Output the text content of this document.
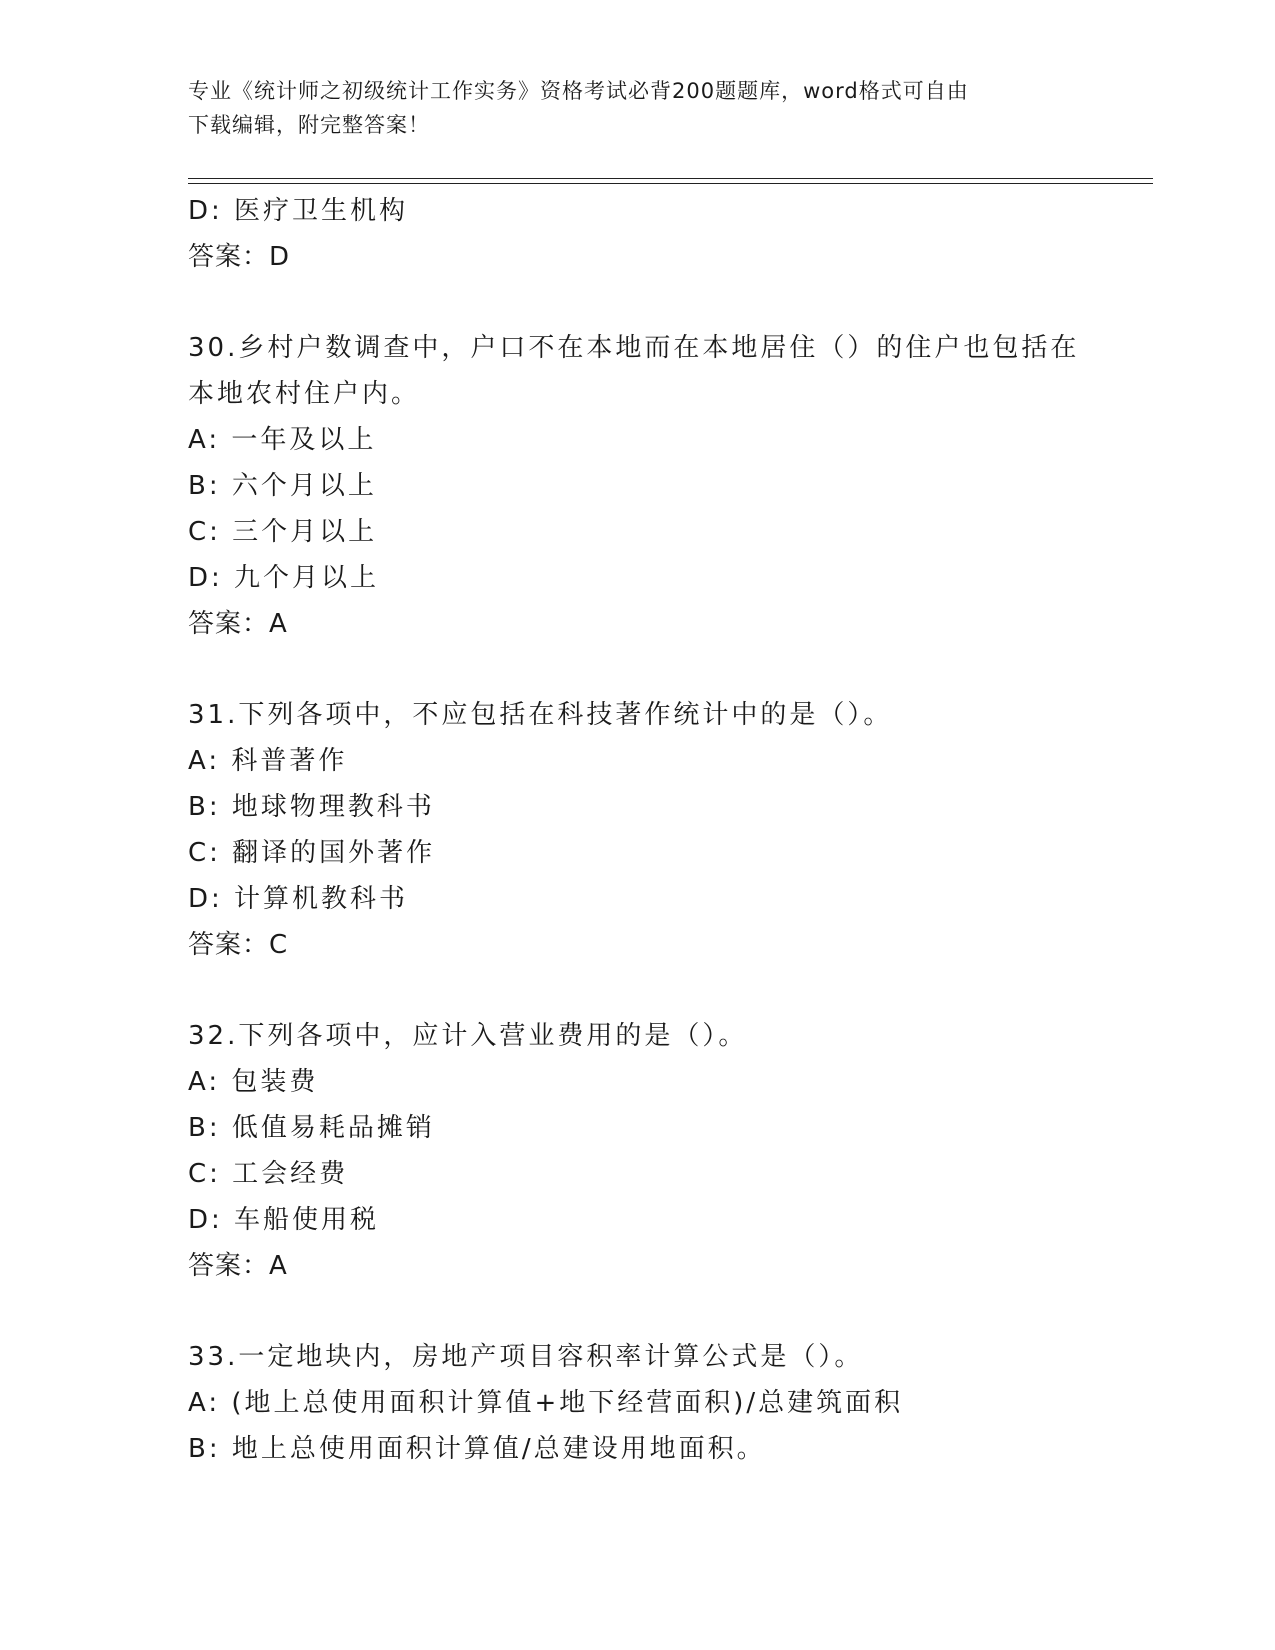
专业《统计师之初级统计工作实务》资格考试必背200题题库，word格式可自由
下载编辑，附完整答案！
D: 医疗卫生机构
答案：D
30.乡村户数调查中，户口不在本地而在本地居住（）的住户也包括在
本地农村住户内。
A: 一年及以上
B: 六个月以上
C: 三个月以上
D: 九个月以上
答案：A
31.下列各项中，不应包括在科技著作统计中的是（）。
A: 科普著作
B: 地球物理教科书
C: 翻译的国外著作
D: 计算机教科书
答案：C
32.下列各项中，应计入营业费用的是（）。
A: 包装费
B: 低值易耗品摊销
C: 工会经费
D: 车船使用税
答案：A
33.一定地块内，房地产项目容积率计算公式是（）。
A: (地上总使用面积计算值+地下经营面积)/总建筑面积
B: 地上总使用面积计算值/总建设用地面积。
